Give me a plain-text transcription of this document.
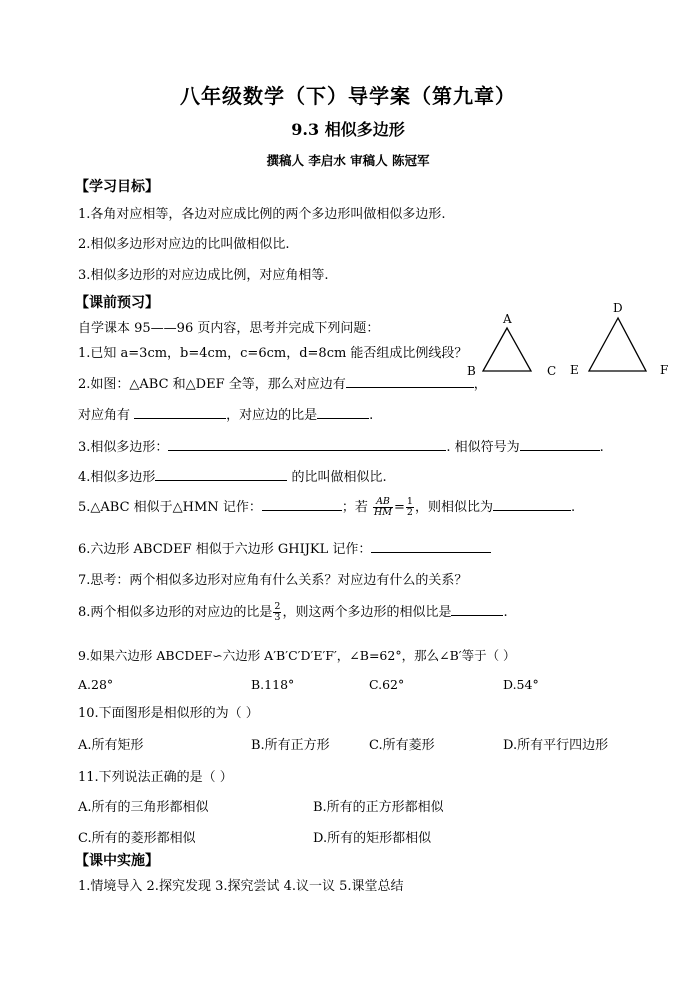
八年级数学（下）导学案（第九章）
9.3 相似多边形
撰稿人 李启水 审稿人 陈冠军
【学习目标】
1.各角对应相等，各边对应成比例的两个多边形叫做相似多边形.
2.相似多边形对应边的比叫做相似比.
3.相似多边形的对应边成比例，对应角相等.
【课前预习】
自学课本 95——96 页内容，思考并完成下列问题：
1.已知 a=3cm，b=4cm，c=6cm，d=8cm 能否组成比例线段？
A
B	C
D
E	F
2.如图：△ABC 和△DEF 全等，那么对应边有	，
对应角有	，对应边的比是	.
3.相似多边形：	. 相似符号为	.
4.相似多边形	的比叫做相似比.
5.△ABC 相似于△HMN 记作：	；若 $\frac{AB}{HM} = \frac{1}{2}$ ，则相似比为	.
6.六边形 ABCDEF 相似于六边形 GHIJKL 记作：
7.思考：两个相似多边形对应角有什么关系？对应边有什么的关系？
8.两个相似多边形的对应边的比是 $\frac{2}{3}$ ，则这两个多边形的相似比是	.
9.如果六边形 ABCDEF∽六边形 A′B′C′D′E′F′，∠B=62°，那么∠B′等于（ ）
A.28°	B.118°	C.62°	D.54°
10.下面图形是相似形的为（ ）
A.所有矩形	B.所有正方形	C.所有菱形	D.所有平行四边形
11.下列说法正确的是（ ）
A.所有的三角形都相似	B.所有的正方形都相似
C.所有的菱形都相似	D.所有的矩形都相似
【课中实施】
1.情境导入 2.探究发现 3.探究尝试 4.议一议 5.课堂总结
